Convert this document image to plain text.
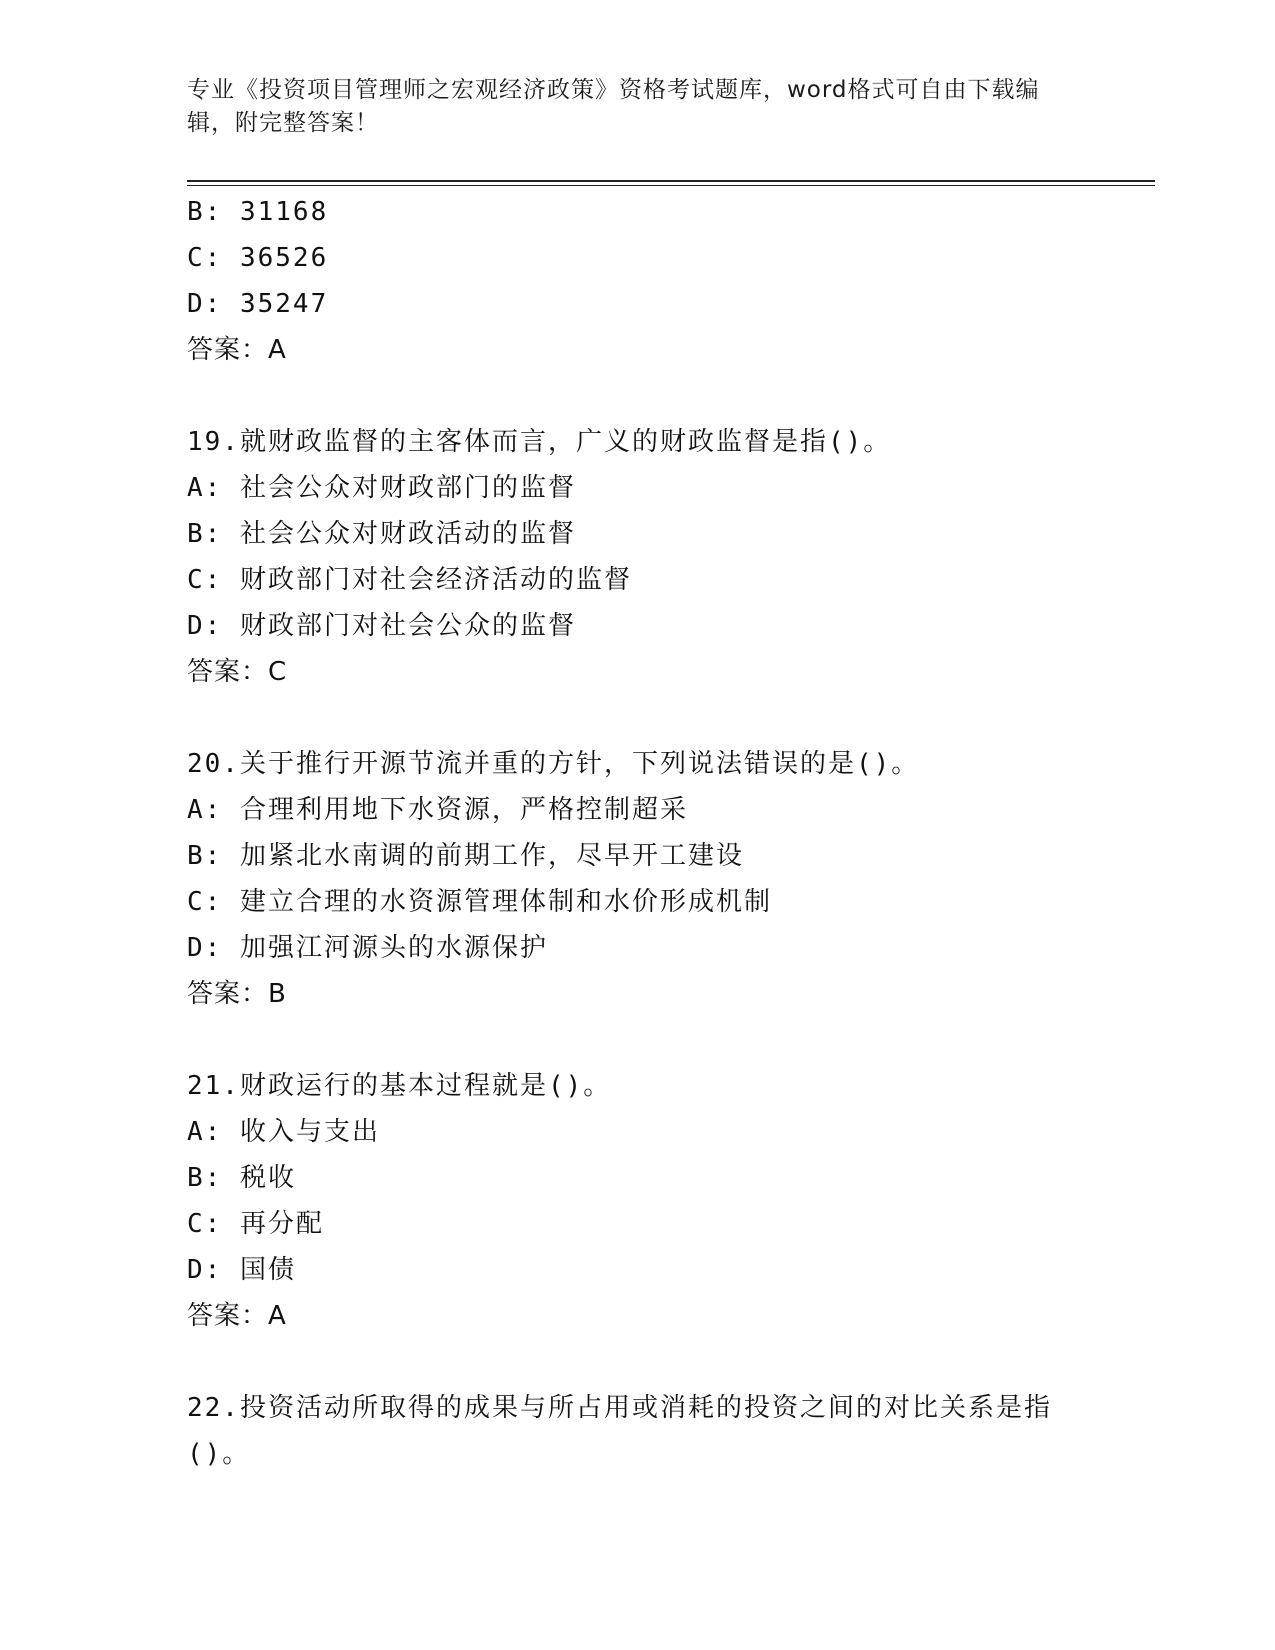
专业《投资项目管理师之宏观经济政策》资格考试题库，word格式可自由下载编辑，附完整答案！
B: 31168
C: 36526
D: 35247
答案：A
19.就财政监督的主客体而言，广义的财政监督是指()。
A: 社会公众对财政部门的监督
B: 社会公众对财政活动的监督
C: 财政部门对社会经济活动的监督
D: 财政部门对社会公众的监督
答案：C
20.关于推行开源节流并重的方针，下列说法错误的是()。
A: 合理利用地下水资源，严格控制超采
B: 加紧北水南调的前期工作，尽早开工建设
C: 建立合理的水资源管理体制和水价形成机制
D: 加强江河源头的水源保护
答案：B
21.财政运行的基本过程就是()。
A: 收入与支出
B: 税收
C: 再分配
D: 国债
答案：A
22.投资活动所取得的成果与所占用或消耗的投资之间的对比关系是指()。
